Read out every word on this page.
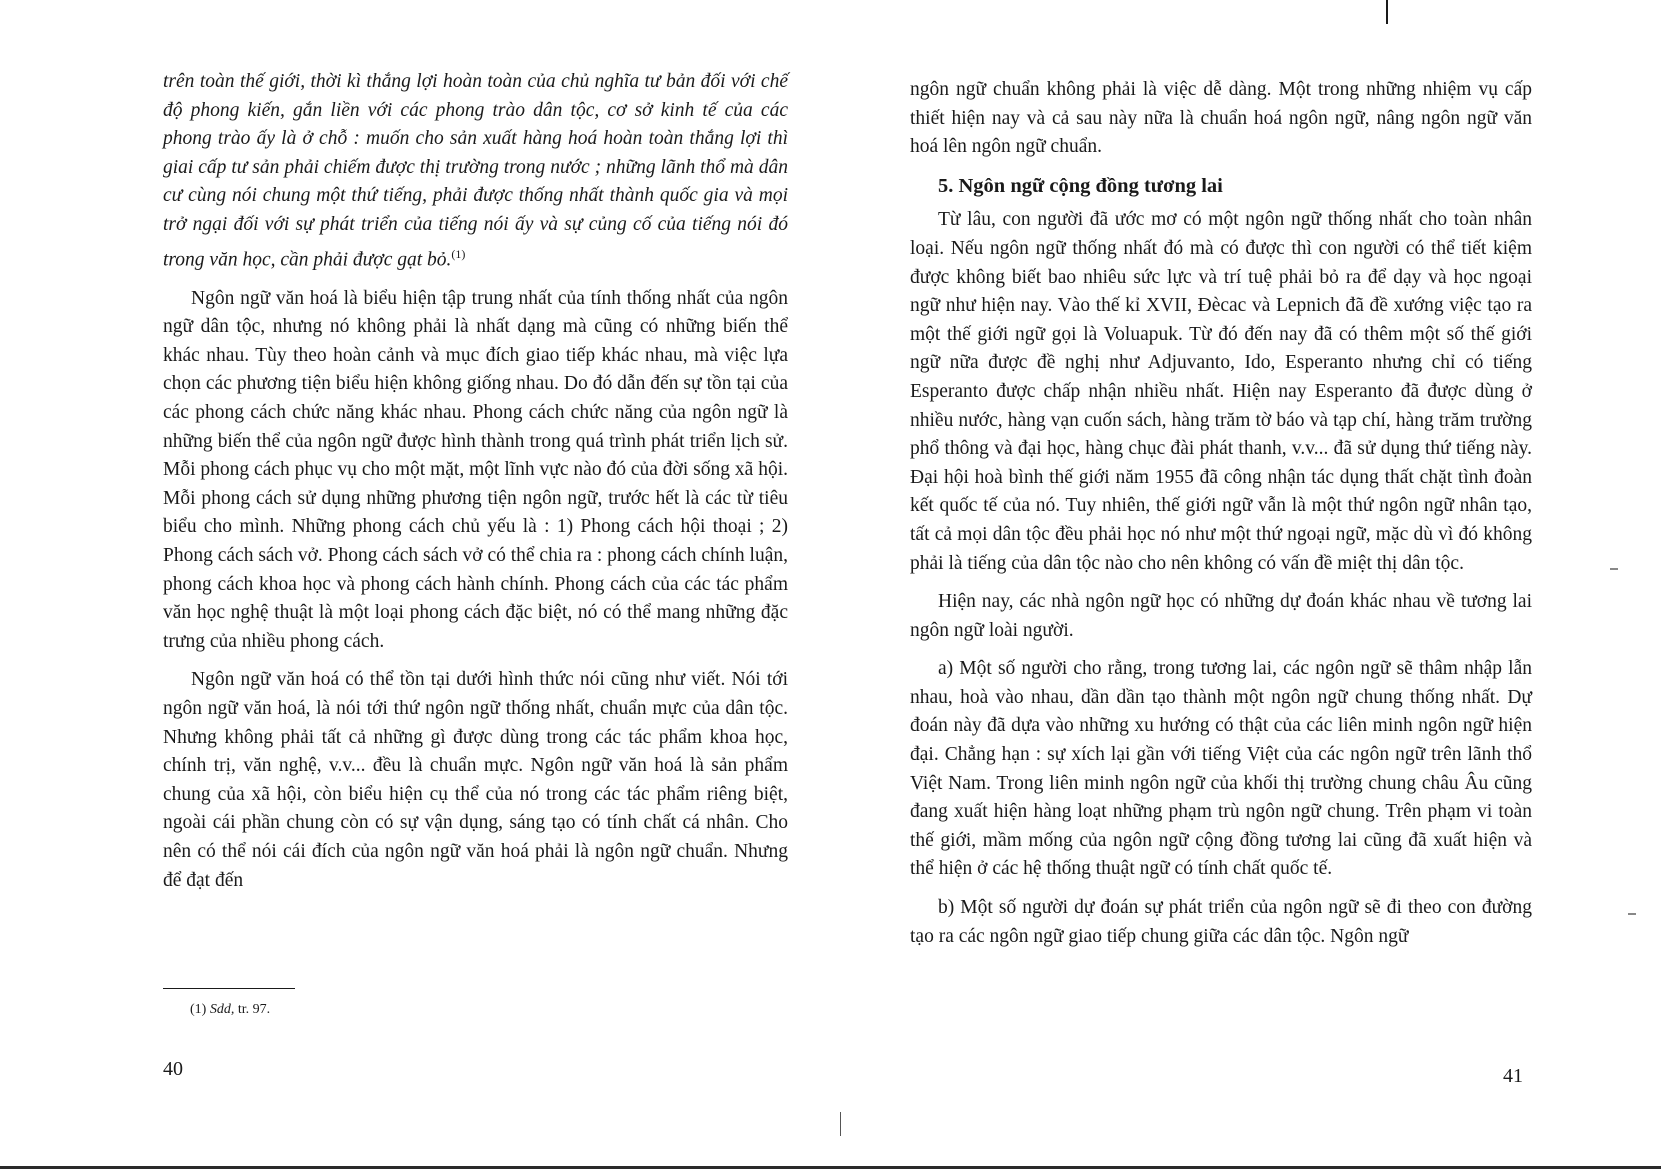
trên toàn thế giới, thời kì thắng lợi hoàn toàn của chủ nghĩa tư bản đối với chế độ phong kiến, gắn liền với các phong trào dân tộc, cơ sở kinh tế của các phong trào ấy là ở chỗ : muốn cho sản xuất hàng hoá hoàn toàn thắng lợi thì giai cấp tư sản phải chiếm được thị trường trong nước ; những lãnh thổ mà dân cư cùng nói chung một thứ tiếng, phải được thống nhất thành quốc gia và mọi trở ngại đối với sự phát triển của tiếng nói ấy và sự củng cố của tiếng nói đó trong văn học, cần phải được gạt bỏ.$^{(1)}$

Ngôn ngữ văn hoá là biểu hiện tập trung nhất của tính thống nhất của ngôn ngữ dân tộc, nhưng nó không phải là nhất dạng mà cũng có những biến thể khác nhau. Tùy theo hoàn cảnh và mục đích giao tiếp khác nhau, mà việc lựa chọn các phương tiện biểu hiện không giống nhau. Do đó dẫn đến sự tồn tại của các phong cách chức năng khác nhau. Phong cách chức năng của ngôn ngữ là những biến thể của ngôn ngữ được hình thành trong quá trình phát triển lịch sử. Mỗi phong cách phục vụ cho một mặt, một lĩnh vực nào đó của đời sống xã hội. Mỗi phong cách sử dụng những phương tiện ngôn ngữ, trước hết là các từ tiêu biểu cho mình. Những phong cách chủ yếu là : 1) Phong cách hội thoại ; 2) Phong cách sách vở. Phong cách sách vở có thể chia ra : phong cách chính luận, phong cách khoa học và phong cách hành chính. Phong cách của các tác phẩm văn học nghệ thuật là một loại phong cách đặc biệt, nó có thể mang những đặc trưng của nhiều phong cách.

Ngôn ngữ văn hoá có thể tồn tại dưới hình thức nói cũng như viết. Nói tới ngôn ngữ văn hoá, là nói tới thứ ngôn ngữ thống nhất, chuẩn mực của dân tộc. Nhưng không phải tất cả những gì được dùng trong các tác phẩm khoa học, chính trị, văn nghệ, v.v... đều là chuẩn mực. Ngôn ngữ văn hoá là sản phẩm chung của xã hội, còn biểu hiện cụ thể của nó trong các tác phẩm riêng biệt, ngoài cái phần chung còn có sự vận dụng, sáng tạo có tính chất cá nhân. Cho nên có thể nói cái đích của ngôn ngữ văn hoá phải là ngôn ngữ chuẩn. Nhưng để đạt đến

(1) Sdd, tr. 97.
40

ngôn ngữ chuẩn không phải là việc dễ dàng. Một trong những nhiệm vụ cấp thiết hiện nay và cả sau này nữa là chuẩn hoá ngôn ngữ, nâng ngôn ngữ văn hoá lên ngôn ngữ chuẩn.

5. Ngôn ngữ cộng đồng tương lai

Từ lâu, con người đã ước mơ có một ngôn ngữ thống nhất cho toàn nhân loại. Nếu ngôn ngữ thống nhất đó mà có được thì con người có thể tiết kiệm được không biết bao nhiêu sức lực và trí tuệ phải bỏ ra để dạy và học ngoại ngữ như hiện nay. Vào thế kỉ XVII, Đècac và Lepnich đã đề xướng việc tạo ra một thế giới ngữ gọi là Voluapuk. Từ đó đến nay đã có thêm một số thế giới ngữ nữa được đề nghị như Adjuvanto, Ido, Esperanto nhưng chỉ có tiếng Esperanto được chấp nhận nhiều nhất. Hiện nay Esperanto đã được dùng ở nhiều nước, hàng vạn cuốn sách, hàng trăm tờ báo và tạp chí, hàng trăm trường phổ thông và đại học, hàng chục đài phát thanh, v.v... đã sử dụng thứ tiếng này. Đại hội hoà bình thế giới năm 1955 đã công nhận tác dụng thất chặt tình đoàn kết quốc tế của nó. Tuy nhiên, thế giới ngữ vẫn là một thứ ngôn ngữ nhân tạo, tất cả mọi dân tộc đều phải học nó như một thứ ngoại ngữ, mặc dù vì đó không phải là tiếng của dân tộc nào cho nên không có vấn đề miệt thị dân tộc.

Hiện nay, các nhà ngôn ngữ học có những dự đoán khác nhau về tương lai ngôn ngữ loài người.

a) Một số người cho rằng, trong tương lai, các ngôn ngữ sẽ thâm nhập lẫn nhau, hoà vào nhau, dần dần tạo thành một ngôn ngữ chung thống nhất. Dự đoán này đã dựa vào những xu hướng có thật của các liên minh ngôn ngữ hiện đại. Chẳng hạn : sự xích lại gần với tiếng Việt của các ngôn ngữ trên lãnh thổ Việt Nam. Trong liên minh ngôn ngữ của khối thị trường chung châu Âu cũng đang xuất hiện hàng loạt những phạm trù ngôn ngữ chung. Trên phạm vi toàn thế giới, mầm mống của ngôn ngữ cộng đồng tương lai cũng đã xuất hiện và thể hiện ở các hệ thống thuật ngữ có tính chất quốc tế.

b) Một số người dự đoán sự phát triển của ngôn ngữ sẽ đi theo con đường tạo ra các ngôn ngữ giao tiếp chung giữa các dân tộc. Ngôn ngữ

41
